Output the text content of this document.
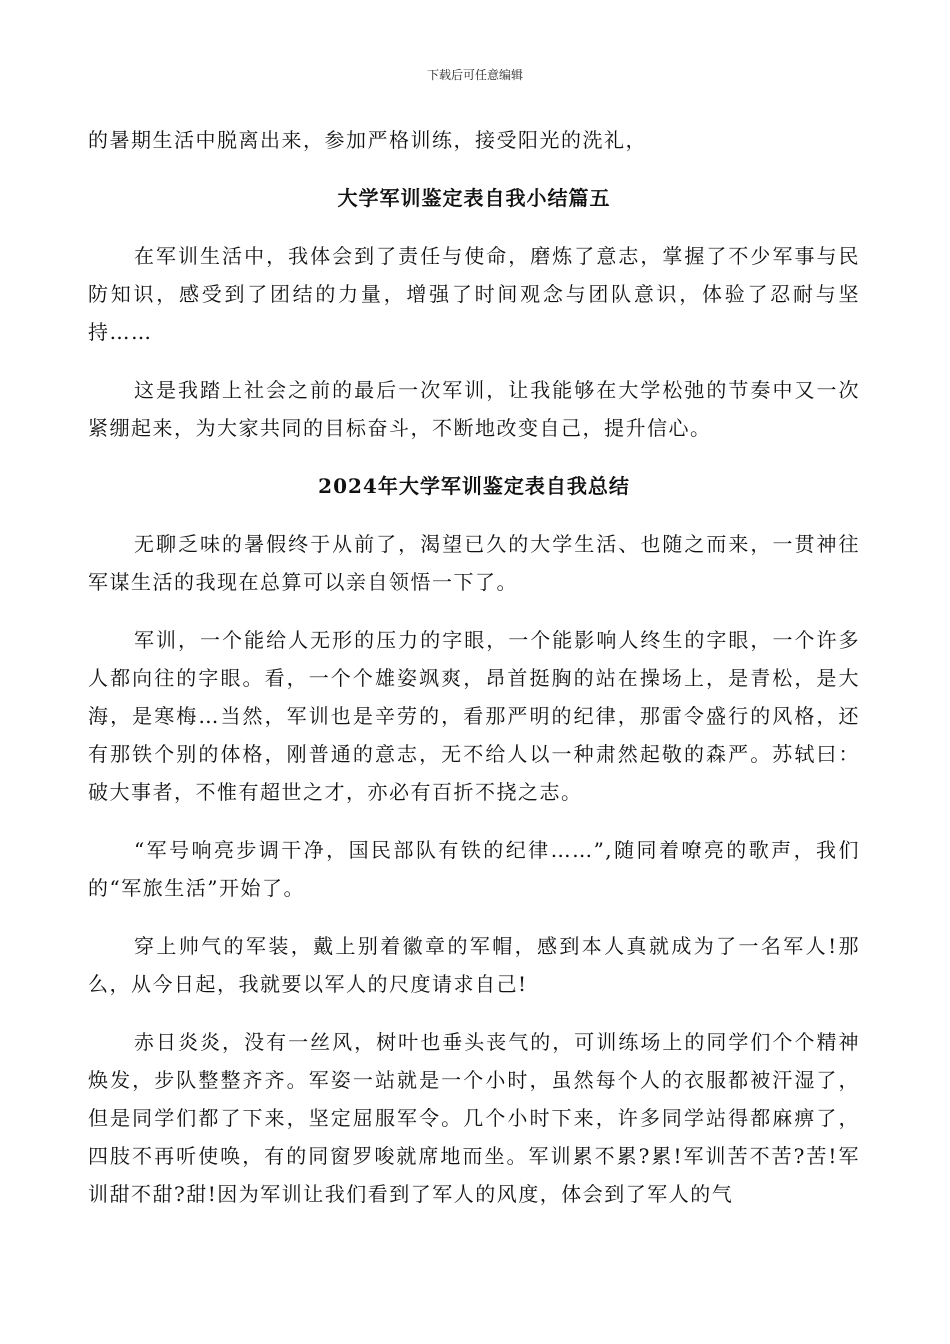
下载后可任意编辑

的暑期生活中脱离出来，参加严格训练，接受阳光的洗礼，

大学军训鉴定表自我小结篇五

在军训生活中，我体会到了责任与使命，磨炼了意志，掌握了不少军事与民防知识，感受到了团结的力量，增强了时间观念与团队意识，体验了忍耐与坚持……

这是我踏上社会之前的最后一次军训，让我能够在大学松弛的节奏中又一次紧绷起来，为大家共同的目标奋斗，不断地改变自己，提升信心。

2024年大学军训鉴定表自我总结

无聊乏味的暑假终于从前了，渴望已久的大学生活、也随之而来，一贯神往军谋生活的我现在总算可以亲自领悟一下了。

军训，一个能给人无形的压力的字眼，一个能影响人终生的字眼，一个许多人都向往的字眼。看，一个个雄姿飒爽，昂首挺胸的站在操场上，是青松，是大海，是寒梅…当然，军训也是辛劳的，看那严明的纪律，那雷令盛行的风格，还有那铁个别的体格，刚普通的意志，无不给人以一种肃然起敬的森严。苏轼曰：破大事者，不惟有超世之才，亦必有百折不挠之志。

“军号响亮步调干净，国民部队有铁的纪律……”,随同着嘹亮的歌声，我们的“军旅生活”开始了。

穿上帅气的军装，戴上别着徽章的军帽，感到本人真就成为了一名军人!那么，从今日起，我就要以军人的尺度请求自己!

赤日炎炎，没有一丝风，树叶也垂头丧气的，可训练场上的同学们个个精神焕发，步队整整齐齐。军姿一站就是一个小时，虽然每个人的衣服都被汗湿了，但是同学们都了下来，坚定屈服军令。几个小时下来，许多同学站得都麻痹了，四肢不再听使唤，有的同窗罗唆就席地而坐。军训累不累?累!军训苦不苦?苦!军训甜不甜?甜!因为军训让我们看到了军人的风度，体会到了军人的气
